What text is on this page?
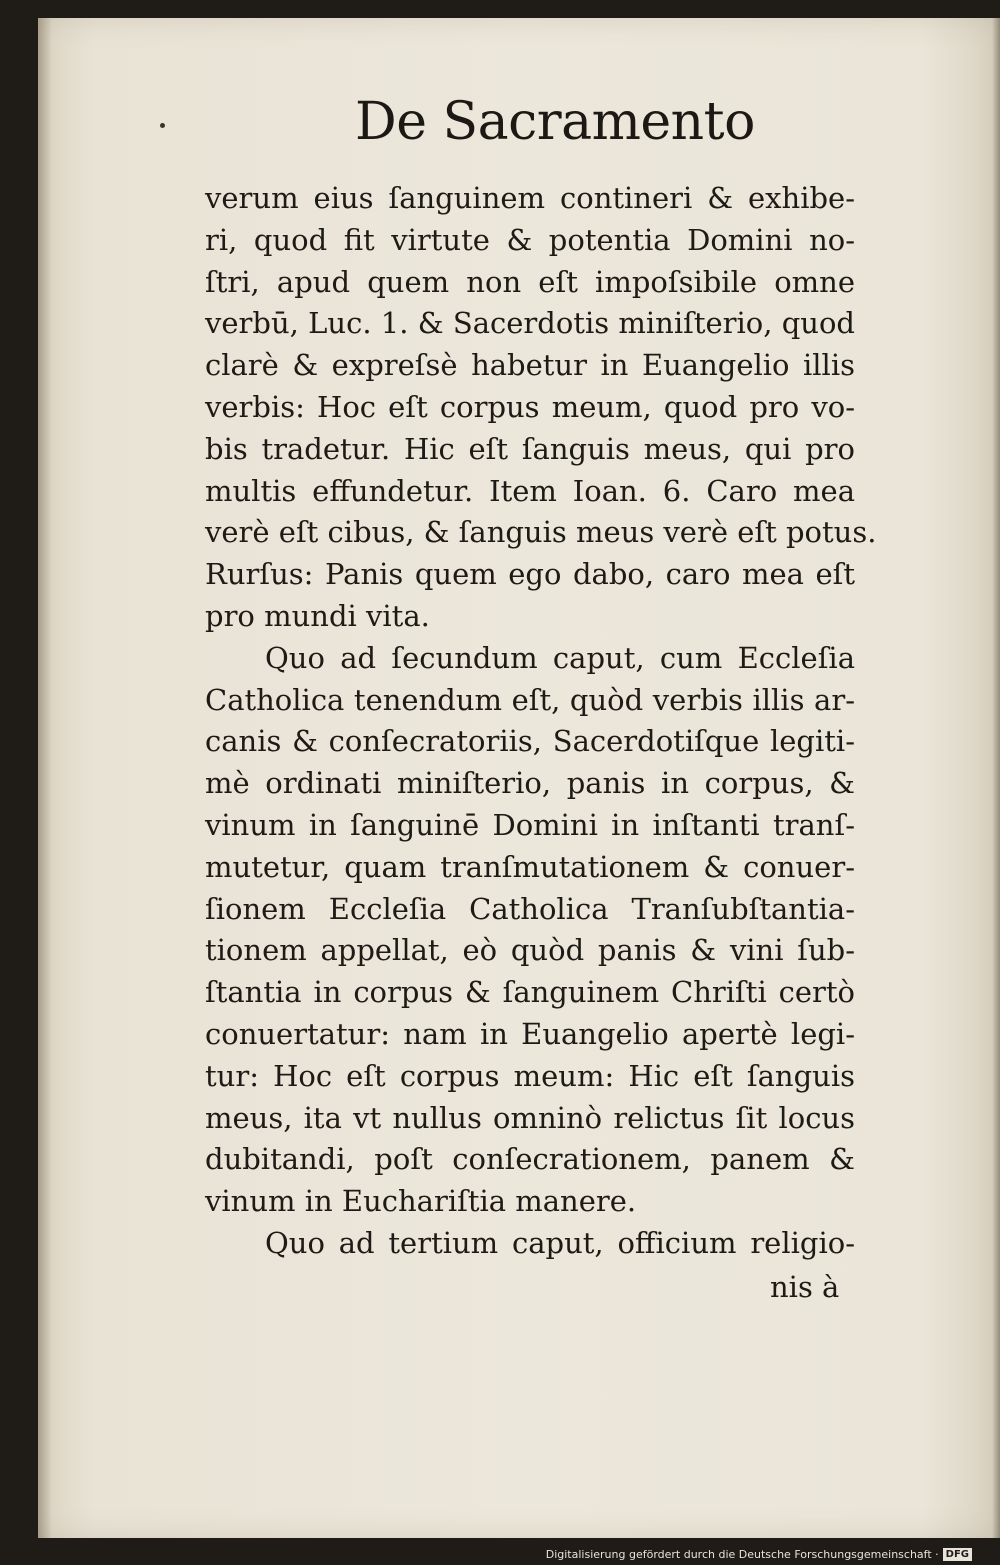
De Sacramento
verum eius ſanguinem contineri & exhibe-
ri, quod fit virtute & potentia Domini no-
ſtri, apud quem non eſt impoſsibile omne
verbū, Luc. 1. & Sacerdotis miniſterio, quod
clarè & expreſsè habetur in Euangelio illis
verbis: Hoc eſt corpus meum, quod pro vo-
bis tradetur. Hic eſt ſanguis meus, qui pro
multis effundetur. Item Ioan. 6. Caro mea
verè eſt cibus, & ſanguis meus verè eſt potus.
Rurſus: Panis quem ego dabo, caro mea eſt
pro mundi vita.
Quo ad ſecundum caput, cum Eccleſia
Catholica tenendum eſt, quòd verbis illis ar-
canis & conſecratoriis, Sacerdotiſque legiti-
mè ordinati miniſterio, panis in corpus, &
vinum in ſanguinē Domini in inſtanti tranſ-
mutetur, quam tranſmutationem & conuer-
ſionem Eccleſia Catholica Tranſubſtantia-
tionem appellat, eò quòd panis & vini ſub-
ſtantia in corpus & ſanguinem Chriſti certò
conuertatur: nam in Euangelio apertè legi-
tur: Hoc eſt corpus meum: Hic eſt ſanguis
meus, ita vt nullus omninò relictus ſit locus
dubitandi, poſt conſecrationem, panem &
vinum in Euchariſtia manere.
Quo ad tertium caput, officium religio-
nis à
Digitalisierung gefördert durch die Deutsche Forschungsgemeinschaft · DFG
